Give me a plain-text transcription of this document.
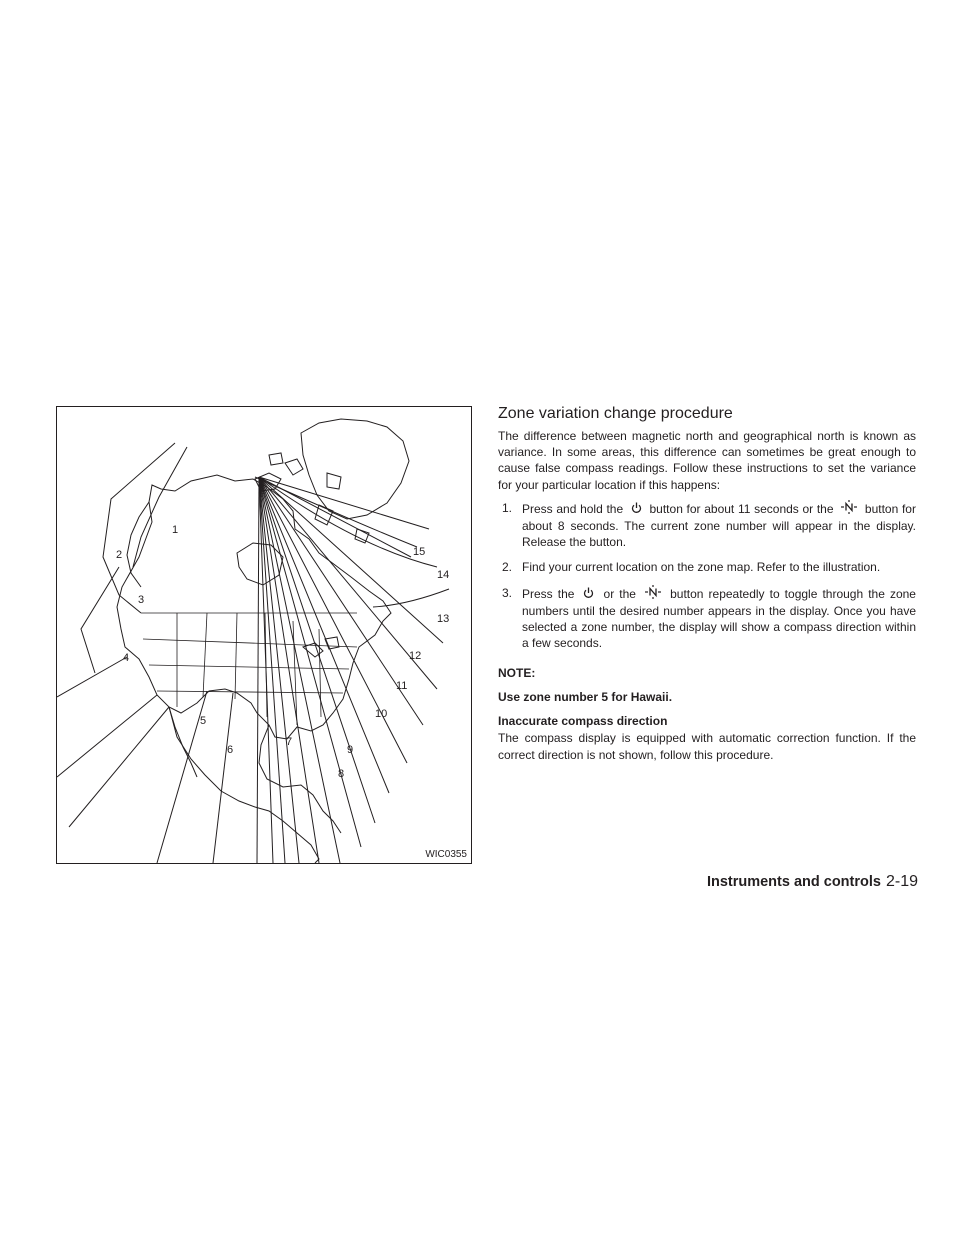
1
2
3
4
5
6
7
8
9
10
11
12
13
14
15
WIC0355
Zone variation change procedure

The difference between magnetic north and geographical north is known as variance. In some areas, this difference can sometimes be great enough to cause false compass readings. Follow these instructions to set the variance for your particular location if this happens:

1. Press and hold the button for about 11 seconds or the	button for about 8 seconds. The current zone number will appear in the display. Release the button.
2. Find your current location on the zone map. Refer to the illustration.
3. Press the or the	button repeatedly to toggle through the zone numbers until the desired number appears in the display. Once you have selected a zone number, the display will show a compass direction within a few seconds.

NOTE:

Use zone number 5 for Hawaii.

Inaccurate compass direction

The compass display is equipped with automatic correction function. If the correct direction is not shown, follow this procedure.

Instruments and controls 2-19
